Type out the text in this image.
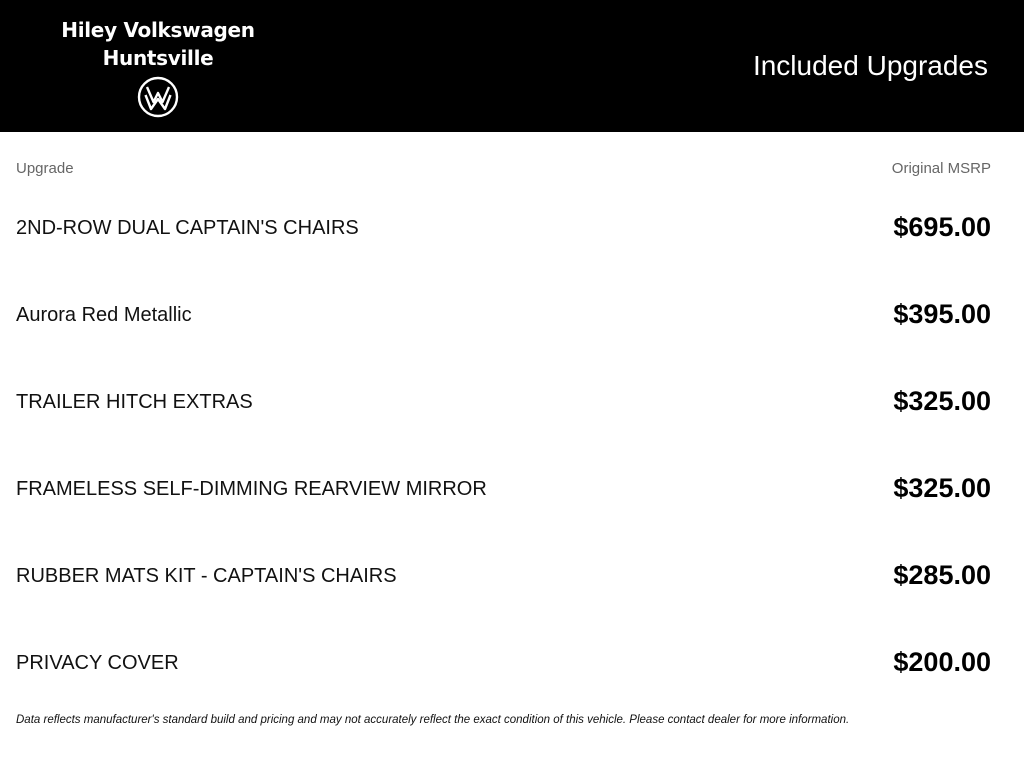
Hiley Volkswagen
Huntsville	Included Upgrades
Upgrade	Original MSRP
2ND-ROW DUAL CAPTAIN'S CHAIRS	$695.00
Aurora Red Metallic	$395.00
TRAILER HITCH EXTRAS	$325.00
FRAMELESS SELF-DIMMING REARVIEW MIRROR	$325.00
RUBBER MATS KIT - CAPTAIN'S CHAIRS	$285.00
PRIVACY COVER	$200.00
Data reflects manufacturer's standard build and pricing and may not accurately reflect the exact condition of this vehicle. Please contact dealer for more information.
